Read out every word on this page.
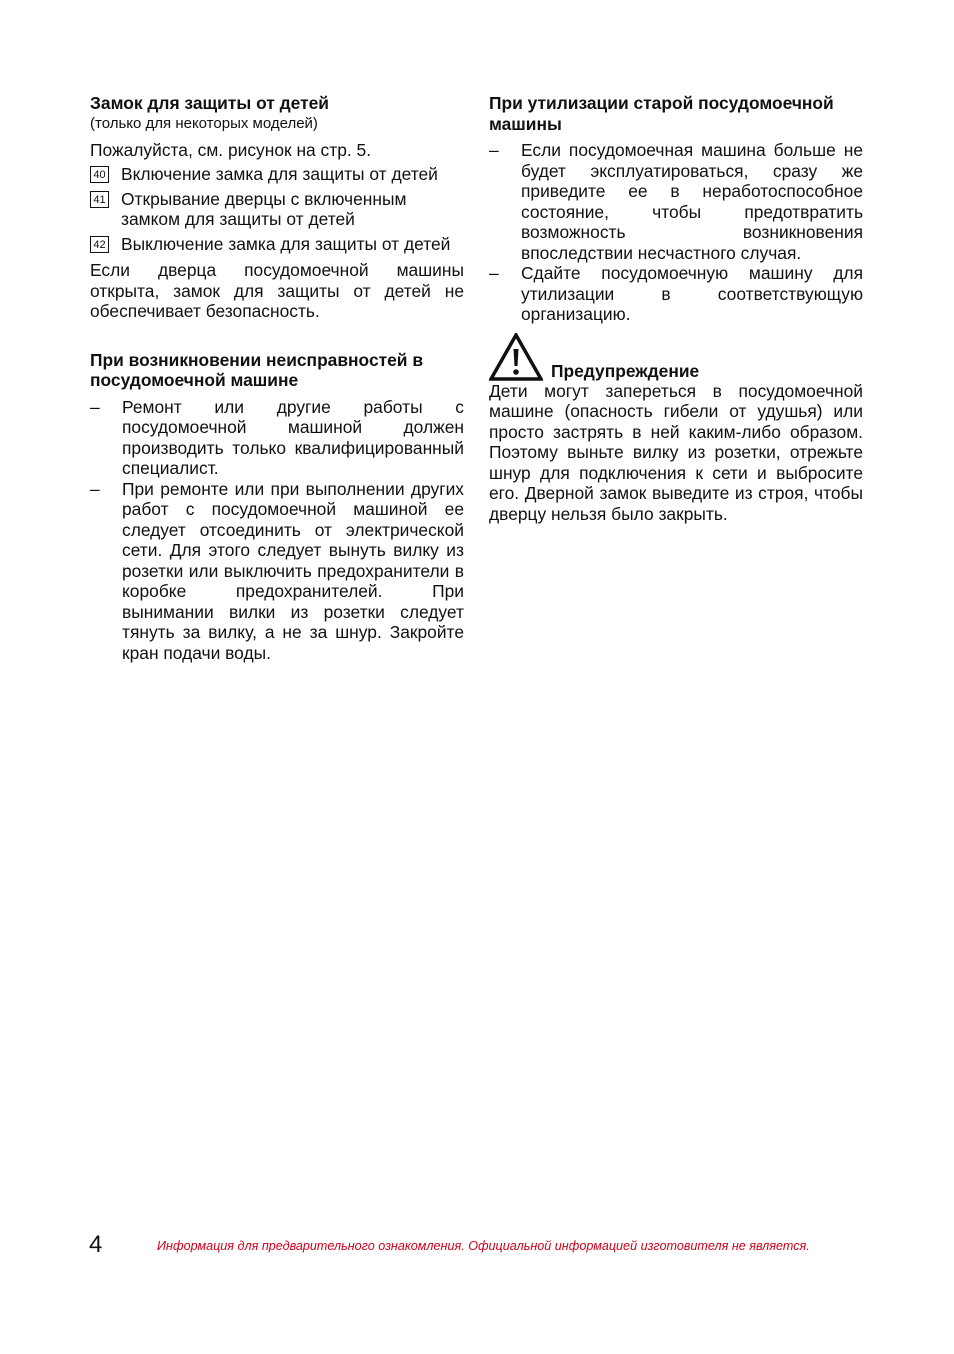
Замок для защиты от детей

(только для некоторых моделей)

Пожалуйста, см. рисунок на стр. 5.

40 Включение замка для защиты от детей
41 Открывание дверцы с включенным замком для защиты от детей
42 Выключение замка для защиты от детей

Если дверца посудомоечной машины открыта, замок для защиты от детей не обеспечивает безопасность.

При возникновении неисправностей в посудомоечной машине
–	Ремонт или другие работы с посудомоечной машиной должен производить только квалифицированный специалист.
–	При ремонте или при выполнении других работ с посудомоечной машиной ее следует отсоединить от электрической сети. Для этого следует вынуть вилку из розетки или выключить предохранители в коробке предохранителей. При вынимании вилки из розетки следует тянуть за вилку, а не за шнур. Закройте кран подачи воды.
При утилизации старой посудомоечной машины
–	Если посудомоечная машина больше не будет эксплуатироваться, сразу же приведите ее в неработоспособное состояние, чтобы предотвратить возможность возникновения впоследствии несчастного случая.
–	Сдайте посудомоечную машину для утилизации в соответствующую организацию.
Предупреждение

Дети могут запереться в посудомоечной машине (опасность гибели от удушья) или просто застрять в ней каким-либо образом. Поэтому выньте вилку из розетки, отрежьте шнур для подключения к сети и выбросите его. Дверной замок выведите из строя, чтобы дверцу нельзя было закрыть.

4	Информация для предварительного ознакомления. Официальной информацией изготовителя не является.
